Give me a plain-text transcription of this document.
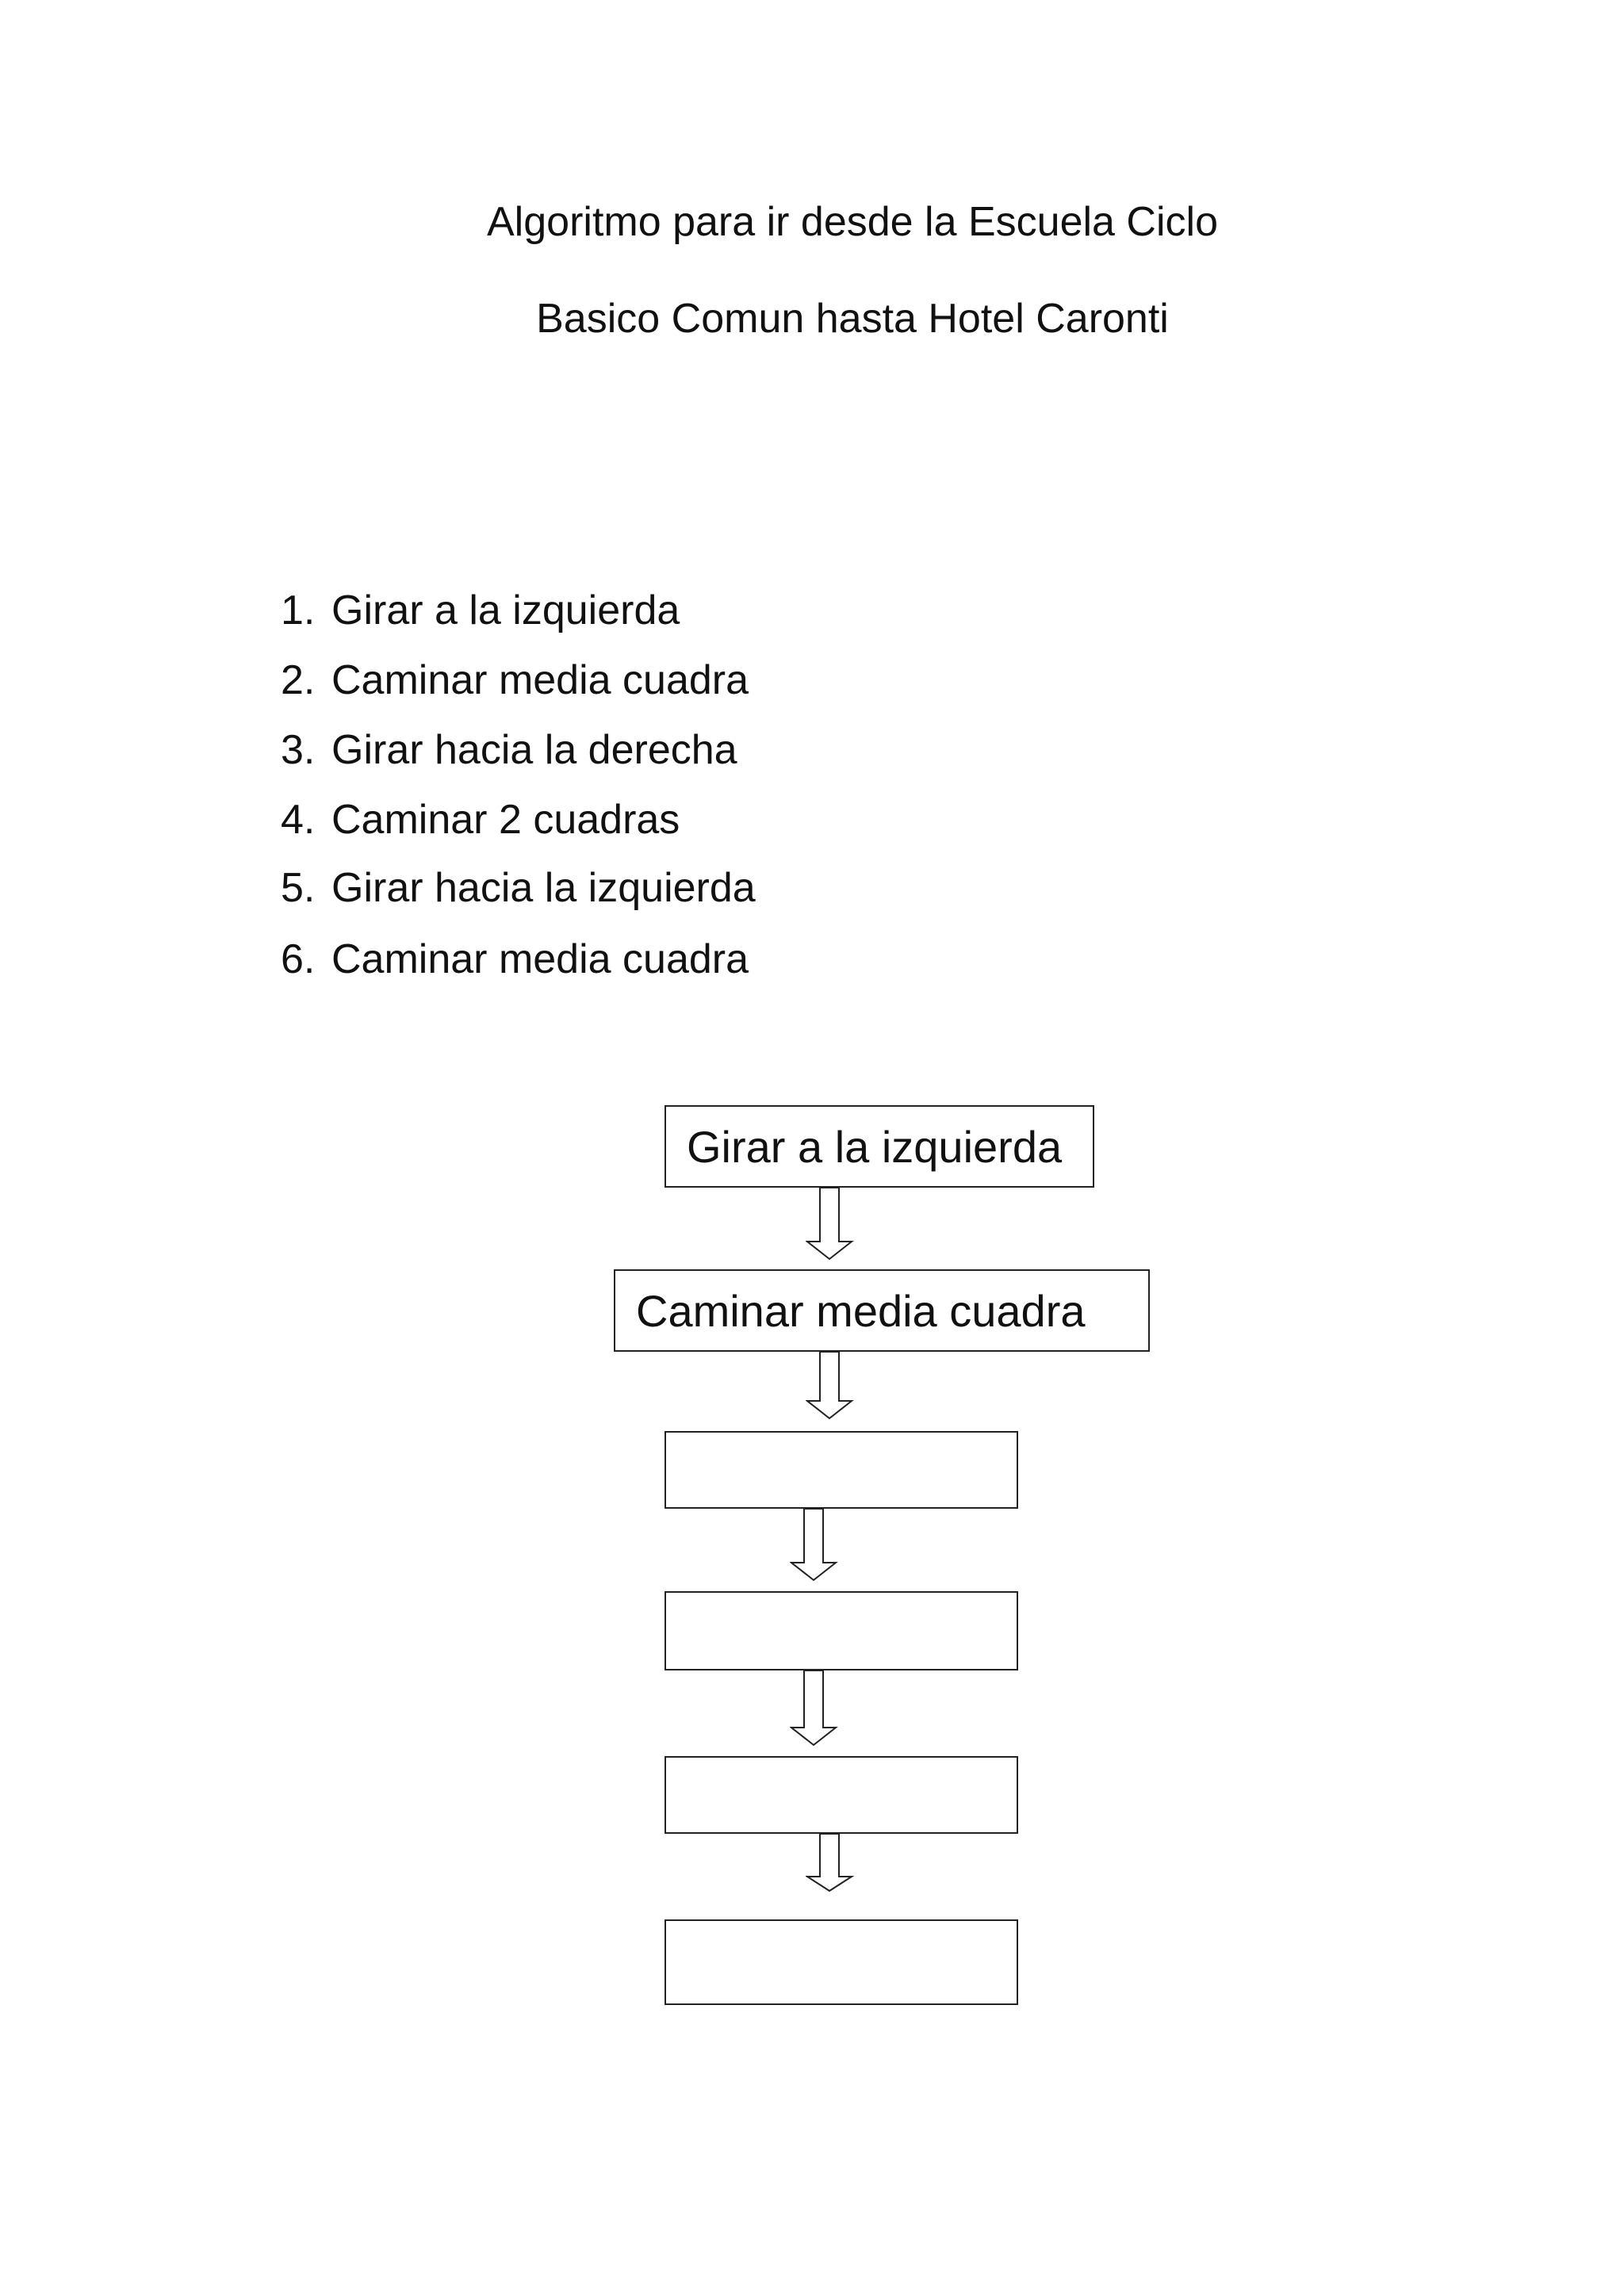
Algoritmo para ir desde la Escuela Ciclo
Basico Comun hasta Hotel Caronti
1. Girar a la izquierda
2. Caminar media cuadra
3. Girar hacia la derecha
4. Caminar 2 cuadras
5. Girar hacia la izquierda
6. Caminar media cuadra
Girar a la izquierda
Caminar media cuadra
